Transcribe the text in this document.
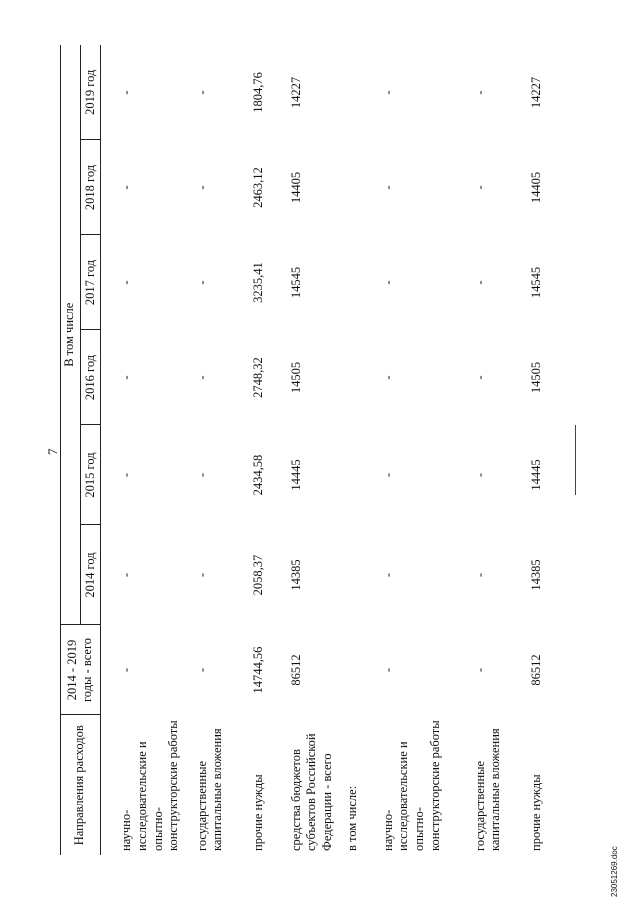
7
Направления расходов	2014 - 2019 годы - всего	В том числе					
		2014 год	2015 год	2016 год	2017 год	2018 год	2019 год
научно-исследовательские и опытно-конструкторские работы	-	-	-	-	-	-	-
государственные капитальные вложения	-	-	-	-	-	-	-
прочие нужды	14744,56	2058,37	2434,58	2748,32	3235,41	2463,12	1804,76
средства бюджетов субъектов Российской Федерации - всего	86512	14385	14445	14505	14545	14405	14227
в том числе:							
научно-исследовательские и опытно-конструкторские работы	-	-	-	-	-	-	-
государственные капитальные вложения	-	-	-	-	-	-	-
прочие нужды	86512	14385	14445	14505	14545	14405	14227
23051269.doc
